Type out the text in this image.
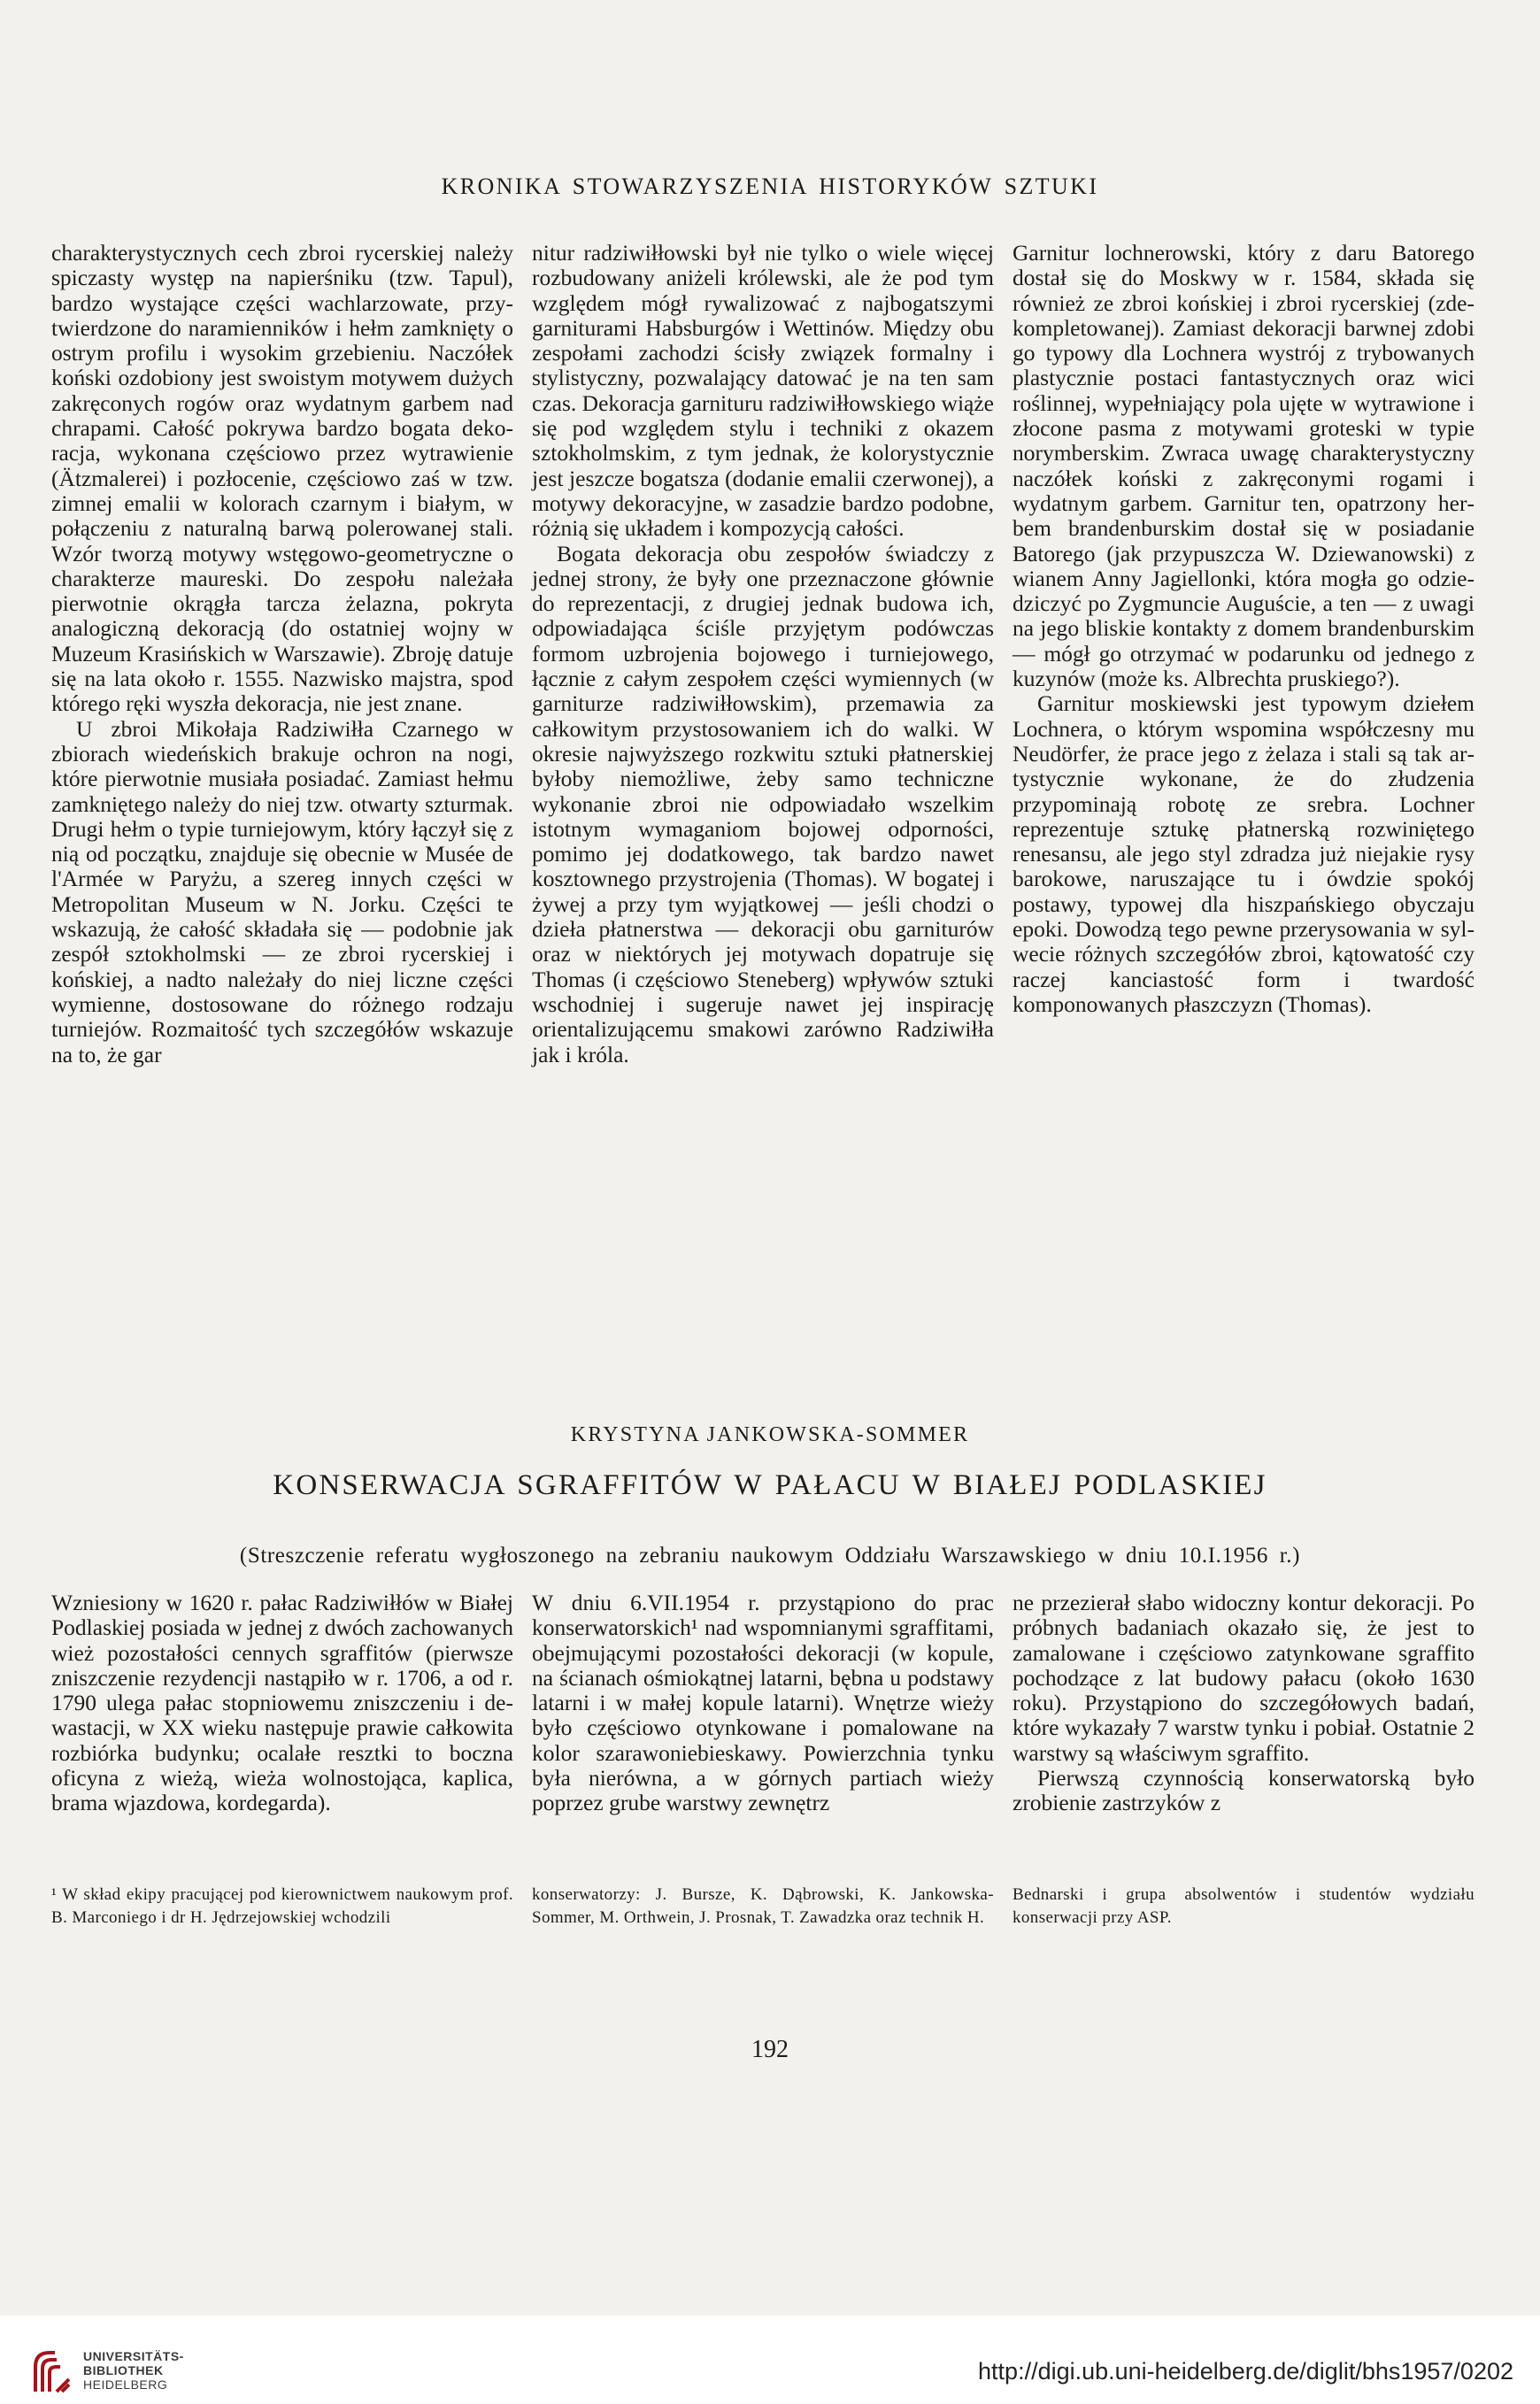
KRONIKA STOWARZYSZENIA HISTORYKÓW SZTUKI

charakterystycznych cech zbroi rycerskiej należy spiczasty występ na napierśniku (tzw. Tapul), bardzo wystające części wachlarzowate, przytwierdzone do naramienników i hełm zamknięty o ostrym profilu i wysokim grzebieniu. Naczółek koński ozdobiony jest swoistym motywem dużych zakręconych rogów oraz wydatnym garbem nad chrapami. Całość pokrywa bardzo bogata dekoracja, wykonana częściowo przez wytrawienie (Ätzmalerei) i pozłocenie, częściowo zaś w tzw. zimnej emalii w kolorach czarnym i białym, w połączeniu z naturalną barwą polerowanej stali. Wzór tworzą motywy wstęgowo-geometryczne o charakterze maureski. Do zespołu należała pierwotnie okrągła tarcza żelazna, pokryta analogiczną dekoracją (do ostatniej wojny w Muzeum Krasińskich w Warszawie). Zbroję datuje się na lata około r. 1555. Nazwisko majstra, spod którego ręki wyszła dekoracja, nie jest znane.

U zbroi Mikołaja Radziwiłła Czarnego w zbiorach wiedeńskich brakuje ochron na nogi, które pierwotnie musiała posiadać. Zamiast hełmu zamkniętego należy do niej tzw. otwarty szturmak. Drugi hełm o typie turniejowym, który łączył się z nią od początku, znajduje się obecnie w Musée de l'Armée w Paryżu, a szereg innych części w Metropolitan Museum w N. Jorku. Części te wskazują, że całość składała się — podobnie jak zespół sztokholmski — ze zbroi rycerskiej i końskiej, a nadto należały do niej liczne części wymienne, dostosowane do różnego rodzaju turniejów. Rozmaitość tych szczegółów wskazuje na to, że gar

nitur radziwiłłowski był nie tylko o wiele więcej rozbudowany aniżeli królewski, ale że pod tym względem mógł rywalizować z najbogatszymi garniturami Habsburgów i Wettinów. Między obu zespołami zachodzi ścisły związek formalny i stylistyczny, pozwalający datować je na ten sam czas. Dekoracja garnituru radziwiłłowskiego wiąże się pod względem stylu i techniki z okazem sztokholmskim, z tym jednak, że kolorystycznie jest jeszcze bogatsza (dodanie emalii czerwonej), a motywy dekoracyjne, w zasadzie bardzo podobne, różnią się układem i kompozycją całości.

Bogata dekoracja obu zespołów świadczy z jednej strony, że były one przeznaczone głównie do reprezentacji, z drugiej jednak budowa ich, odpowiadająca ściśle przyjętym podówczas formom uzbrojenia bojowego i turniejowego, łącznie z całym zespołem części wymiennych (w garniturze radziwiłłowskim), przemawia za całkowitym przystosowaniem ich do walki. W okresie najwyższego rozkwitu sztuki płatnerskiej byłoby niemożliwe, żeby samo techniczne wykonanie zbroi nie odpowiadało wszelkim istotnym wymaganiom bojowej odporności, pomimo jej dodatkowego, tak bardzo nawet kosztownego przystrojenia (Thomas). W bogatej i żywej a przy tym wyjątkowej — jeśli chodzi o dzieła płatnerstwa — dekoracji obu garniturów oraz w niektórych jej motywach dopatruje się Thomas (i częściowo Steneberg) wpływów sztuki wschodniej i sugeruje nawet jej inspirację orientalizującemu smakowi zarówno Radziwiłła jak i króla.

Garnitur lochnerowski, który z daru Batorego dostał się do Moskwy w r. 1584, składa się również ze zbroi końskiej i zbroi rycerskiej (zdekompletowanej). Zamiast dekoracji barwnej zdobi go typowy dla Lochnera wystrój z trybowanych plastycznie postaci fantastycznych oraz wici roślinnej, wypełniający pola ujęte w wytrawione i złocone pasma z motywami groteski w typie norymberskim. Zwraca uwagę charakterystyczny naczółek koński z zakręconymi rogami i wydatnym garbem. Garnitur ten, opatrzony herbem brandenburskim dostał się w posiadanie Batorego (jak przypuszcza W. Dziewanowski) z wianem Anny Jagiellonki, która mogła go odziedziczyć po Zygmuncie Auguście, a ten — z uwagi na jego bliskie kontakty z domem brandenburskim — mógł go otrzymać w podarunku od jednego z kuzynów (może ks. Albrechta pruskiego?).

Garnitur moskiewski jest typowym dziełem Lochnera, o którym wspomina współczesny mu Neudörfer, że prace jego z żelaza i stali są tak artystycznie wykonane, że do złudzenia przypominają robotę ze srebra. Lochner reprezentuje sztukę płatnerską rozwiniętego renesansu, ale jego styl zdradza już niejakie rysy barokowe, naruszające tu i ówdzie spokój postawy, typowej dla hiszpańskiego obyczaju epoki. Dowodzą tego pewne przerysowania w sylwecie różnych szczegółów zbroi, kątowatość czy raczej kanciastość form i twardość komponowanych płaszczyzn (Thomas).

KRYSTYNA JANKOWSKA-SOMMER
KONSERWACJA SGRAFFITÓW W PAŁACU W BIAŁEJ PODLASKIEJ
(Streszczenie referatu wygłoszonego na zebraniu naukowym Oddziału Warszawskiego w dniu 10.I.1956 r.)

Wzniesiony w 1620 r. pałac Radziwiłłów w Białej Podlaskiej posiada w jednej z dwóch zachowanych wież pozostałości cennych sgraffitów (pierwsze zniszczenie rezydencji nastąpiło w r. 1706, a od r. 1790 ulega pałac stopniowemu zniszczeniu i dewastacji, w XX wieku następuje prawie całkowita rozbiórka budynku; ocalałe resztki to boczna oficyna z wieżą, wieża wolnostojąca, kaplica, brama wjazdowa, kordegarda).

W dniu 6.VII.1954 r. przystąpiono do prac konserwatorskich¹ nad wspomnianymi sgraffitami, obejmującymi pozostałości dekoracji (w kopule, na ścianach ośmiokątnej latarni, bębna u podstawy latarni i w małej kopule latarni). Wnętrze wieży było częściowo otynkowane i pomalowane na kolor szarawoniebieskawy. Powierzchnia tynku była nierówna, a w górnych partiach wieży poprzez grube warstwy zewnętrz

ne przezierał słabo widoczny kontur dekoracji. Po próbnych badaniach okazało się, że jest to zamalowane i częściowo zatynkowane sgraffito pochodzące z lat budowy pałacu (około 1630 roku). Przystąpiono do szczegółowych badań, które wykazały 7 warstw tynku i pobiał. Ostatnie 2 warstwy są właściwym sgraffito.

Pierwszą czynnością konserwatorską było zrobienie zastrzyków z

¹ W skład ekipy pracującej pod kierownictwem naukowym prof. B. Marconiego i dr H. Jędrzejowskiej wchodzili
konserwatorzy: J. Bursze, K. Dąbrowski, K. Jankowska-Sommer, M. Orthwein, J. Prosnak, T. Zawadzka oraz technik H.
Bednarski i grupa absolwentów i studentów wydziału konserwacji przy ASP.
192
UNIVERSITÄTS-
BIBLIOTHEK
HEIDELBERG	http://digi.ub.uni-heidelberg.de/diglit/bhs1957/0202
